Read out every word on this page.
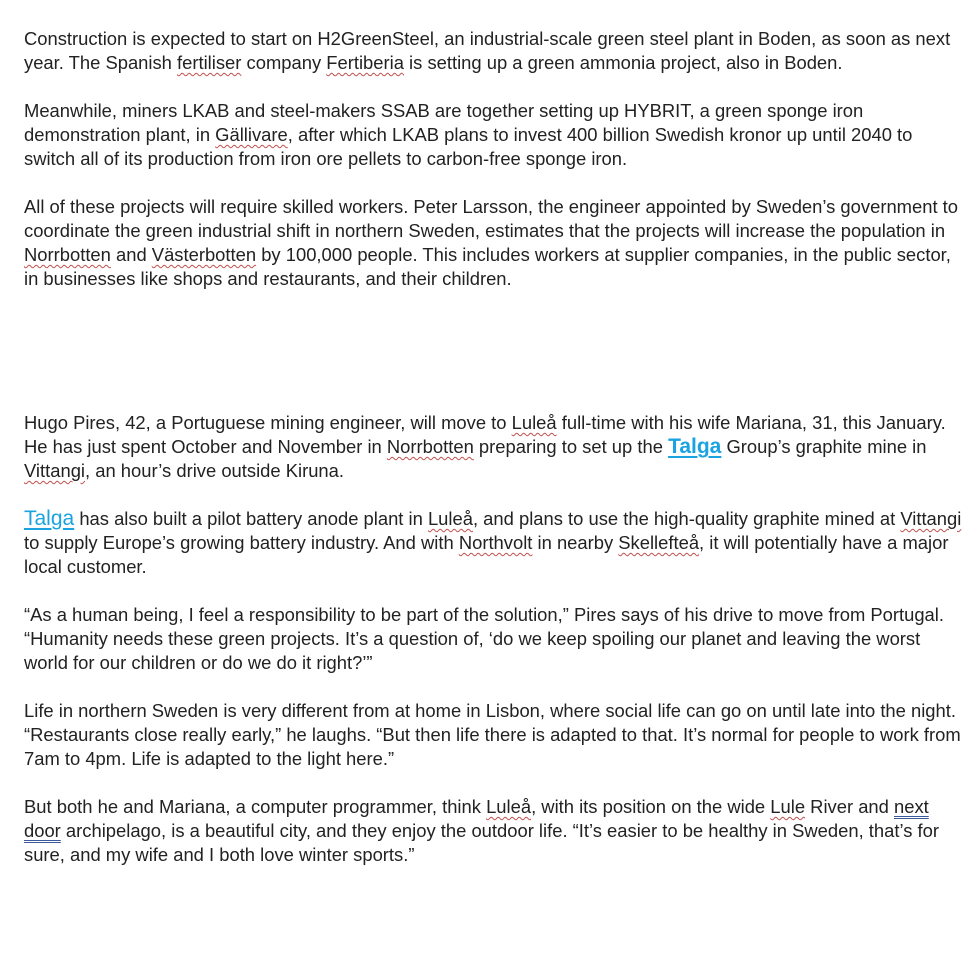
Construction is expected to start on H2GreenSteel, an industrial-scale green steel plant in Boden, as soon as next year. The Spanish fertiliser company Fertiberia is setting up a green ammonia project, also in Boden.

Meanwhile, miners LKAB and steel-makers SSAB are together setting up HYBRIT, a green sponge iron demonstration plant, in Gällivare, after which LKAB plans to invest 400 billion Swedish kronor up until 2040 to switch all of its production from iron ore pellets to carbon-free sponge iron.

All of these projects will require skilled workers. Peter Larsson, the engineer appointed by Sweden’s government to coordinate the green industrial shift in northern Sweden, estimates that the projects will increase the population in Norrbotten and Västerbotten by 100,000 people. This includes workers at supplier companies, in the public sector, in businesses like shops and restaurants, and their children.

Hugo Pires, 42, a Portuguese mining engineer, will move to Luleå full-time with his wife Mariana, 31, this January. He has just spent October and November in Norrbotten preparing to set up the Talga Group’s graphite mine in Vittangi, an hour’s drive outside Kiruna.

Talga has also built a pilot battery anode plant in Luleå, and plans to use the high-quality graphite mined at Vittangi to supply Europe’s growing battery industry. And with Northvolt in nearby Skellefteå, it will potentially have a major local customer.

“As a human being, I feel a responsibility to be part of the solution,” Pires says of his drive to move from Portugal. “Humanity needs these green projects. It’s a question of, ‘do we keep spoiling our planet and leaving the worst world for our children or do we do it right?’”

Life in northern Sweden is very different from at home in Lisbon, where social life can go on until late into the night. “Restaurants close really early,” he laughs. “But then life there is adapted to that. It’s normal for people to work from 7am to 4pm. Life is adapted to the light here.”

But both he and Mariana, a computer programmer, think Luleå, with its position on the wide Lule River and next door archipelago, is a beautiful city, and they enjoy the outdoor life. “It’s easier to be healthy in Sweden, that’s for sure, and my wife and I both love winter sports.”
